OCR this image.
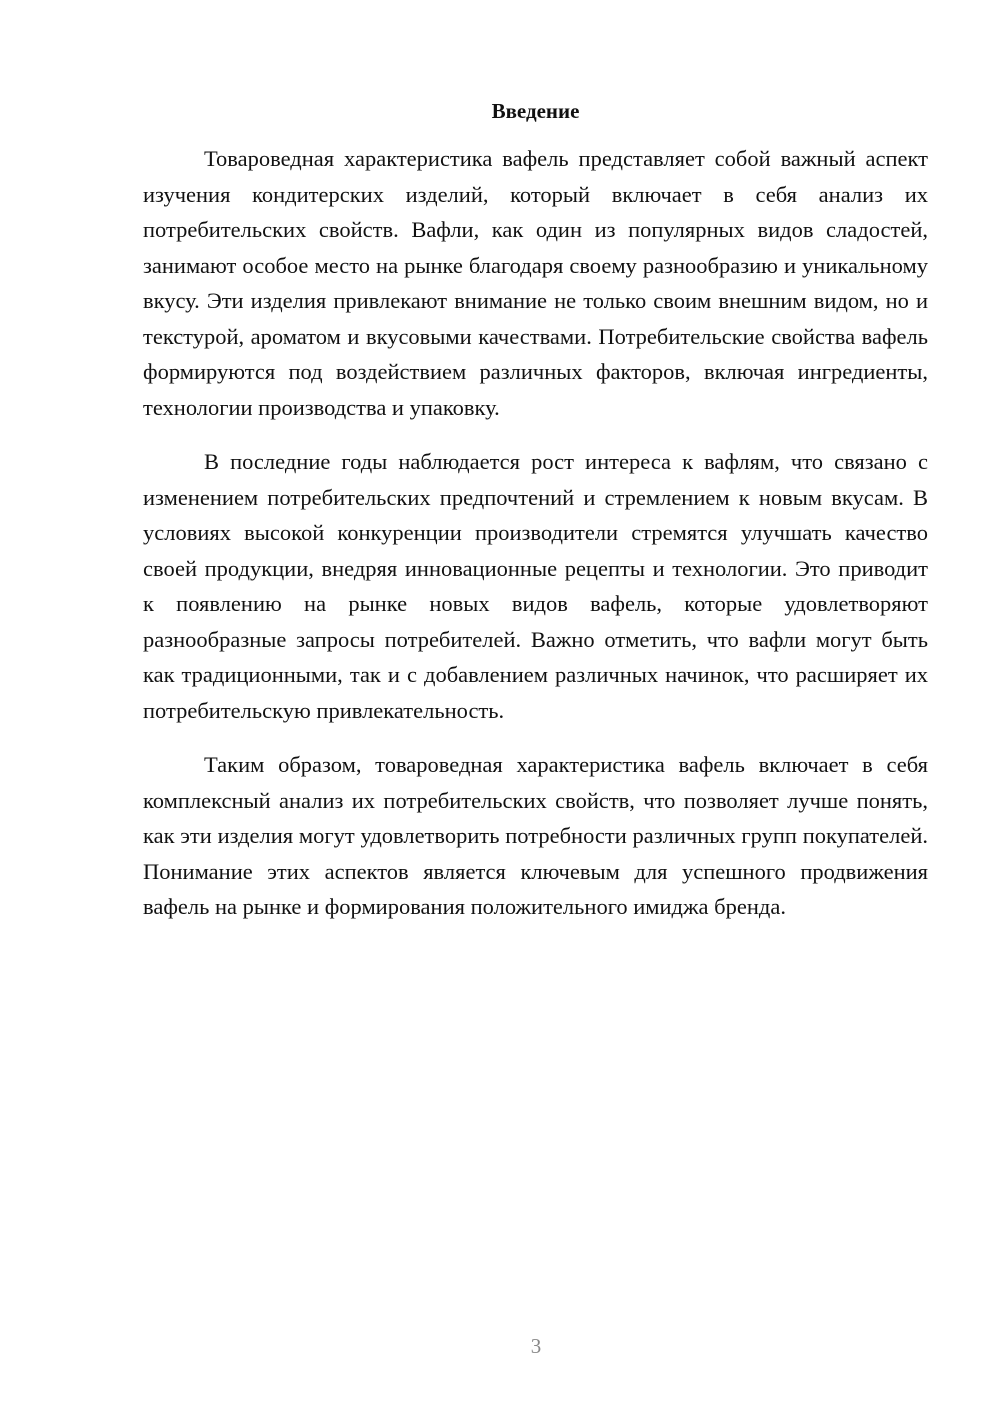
Введение

Товароведная характеристика вафель представляет собой важный аспект изучения кондитерских изделий, который включает в себя анализ их потребительских свойств. Вафли, как один из популярных видов сладостей, занимают особое место на рынке благодаря своему разнообразию и уникальному вкусу. Эти изделия привлекают внимание не только своим внешним видом, но и текстурой, ароматом и вкусовыми качествами. Потребительские свойства вафель формируются под воздействием различных факторов, включая ингредиенты, технологии производства и упаковку.

В последние годы наблюдается рост интереса к вафлям, что связано с изменением потребительских предпочтений и стремлением к новым вкусам. В условиях высокой конкуренции производители стремятся улучшать качество своей продукции, внедряя инновационные рецепты и технологии. Это приводит к появлению на рынке новых видов вафель, которые удовлетворяют разнообразные запросы потребителей. Важно отметить, что вафли могут быть как традиционными, так и с добавлением различных начинок, что расширяет их потребительскую привлекательность.

Таким образом, товароведная характеристика вафель включает в себя комплексный анализ их потребительских свойств, что позволяет лучше понять, как эти изделия могут удовлетворить потребности различных групп покупателей. Понимание этих аспектов является ключевым для успешного продвижения вафель на рынке и формирования положительного имиджа бренда.

3
